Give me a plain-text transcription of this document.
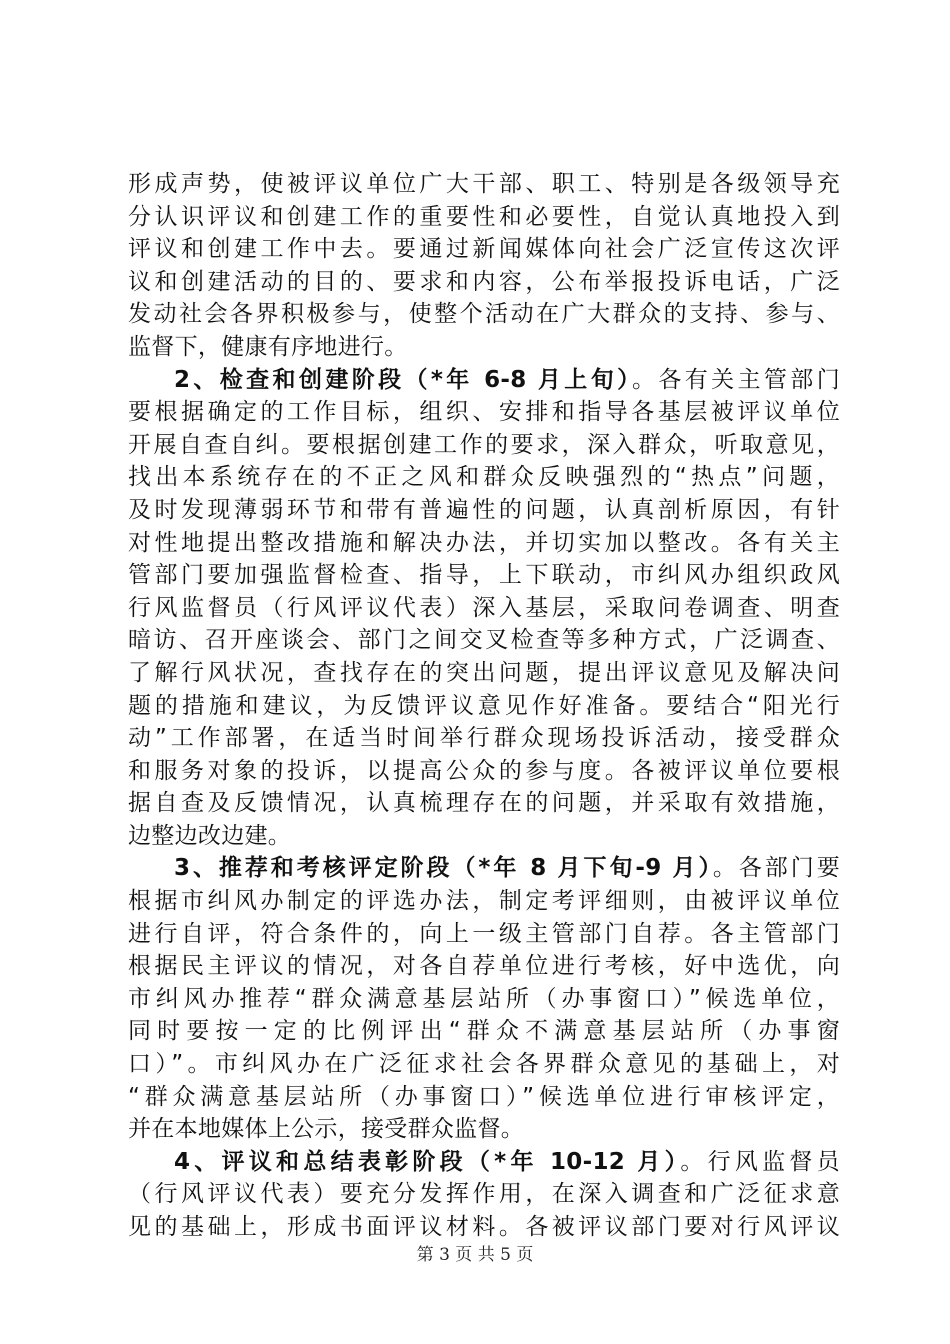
形成声势，使被评议单位广大干部、职工、特别是各级领导充
分认识评议和创建工作的重要性和必要性，自觉认真地投入到
评议和创建工作中去。要通过新闻媒体向社会广泛宣传这次评
议和创建活动的目的、要求和内容，公布举报投诉电话，广泛
发动社会各界积极参与，使整个活动在广大群众的支持、参与、
监督下，健康有序地进行。
2、检查和创建阶段（*年 6-8 月上旬）。各有关主管部门
要根据确定的工作目标，组织、安排和指导各基层被评议单位
开展自查自纠。要根据创建工作的要求，深入群众，听取意见，
找出本系统存在的不正之风和群众反映强烈的“热点”问题，
及时发现薄弱环节和带有普遍性的问题，认真剖析原因，有针
对性地提出整改措施和解决办法，并切实加以整改。各有关主
管部门要加强监督检查、指导，上下联动，市纠风办组织政风
行风监督员（行风评议代表）深入基层，采取问卷调查、明查
暗访、召开座谈会、部门之间交叉检查等多种方式，广泛调查、
了解行风状况，查找存在的突出问题，提出评议意见及解决问
题的措施和建议，为反馈评议意见作好准备。要结合“阳光行
动”工作部署，在适当时间举行群众现场投诉活动，接受群众
和服务对象的投诉，以提高公众的参与度。各被评议单位要根
据自查及反馈情况，认真梳理存在的问题，并采取有效措施，
边整边改边建。
3、推荐和考核评定阶段（*年 8 月下旬-9 月）。各部门要
根据市纠风办制定的评选办法，制定考评细则，由被评议单位
进行自评，符合条件的，向上一级主管部门自荐。各主管部门
根据民主评议的情况，对各自荐单位进行考核，好中选优，向
市纠风办推荐“群众满意基层站所（办事窗口）”候选单位，
同时要按一定的比例评出“群众不满意基层站所（办事窗
口）”。市纠风办在广泛征求社会各界群众意见的基础上，对
“群众满意基层站所（办事窗口）”候选单位进行审核评定，
并在本地媒体上公示，接受群众监督。
4、评议和总结表彰阶段（*年 10-12 月）。行风监督员
（行风评议代表）要充分发挥作用，在深入调查和广泛征求意
见的基础上，形成书面评议材料。各被评议部门要对行风评议
第 3 页 共 5 页
